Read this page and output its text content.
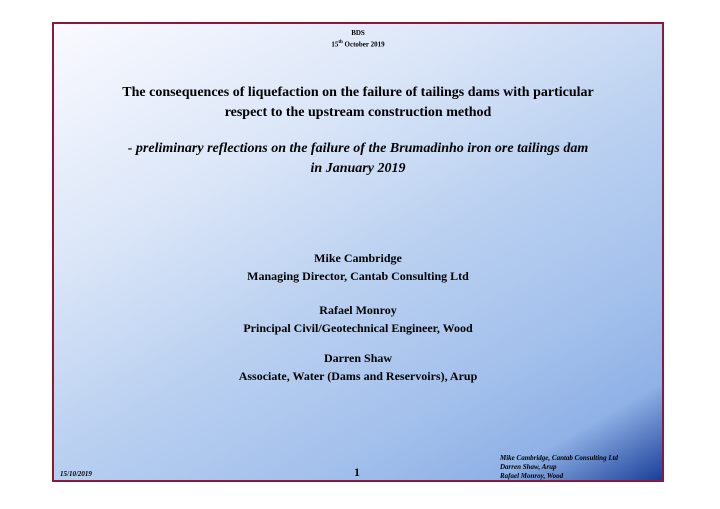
BDS
15th October 2019
The consequences of liquefaction on the failure of tailings dams with particular
respect to the upstream construction method
- preliminary reflections on the failure of the Brumadinho iron ore tailings dam
in January 2019
Mike Cambridge
Managing Director, Cantab Consulting Ltd
Rafael Monroy
Principal Civil/Geotechnical Engineer, Wood
Darren Shaw
Associate, Water (Dams and Reservoirs), Arup
15/10/2019	1
Mike Cambridge, Cantab Consulting Ltd
Darren Shaw, Arup
Rafael Monroy, Wood
